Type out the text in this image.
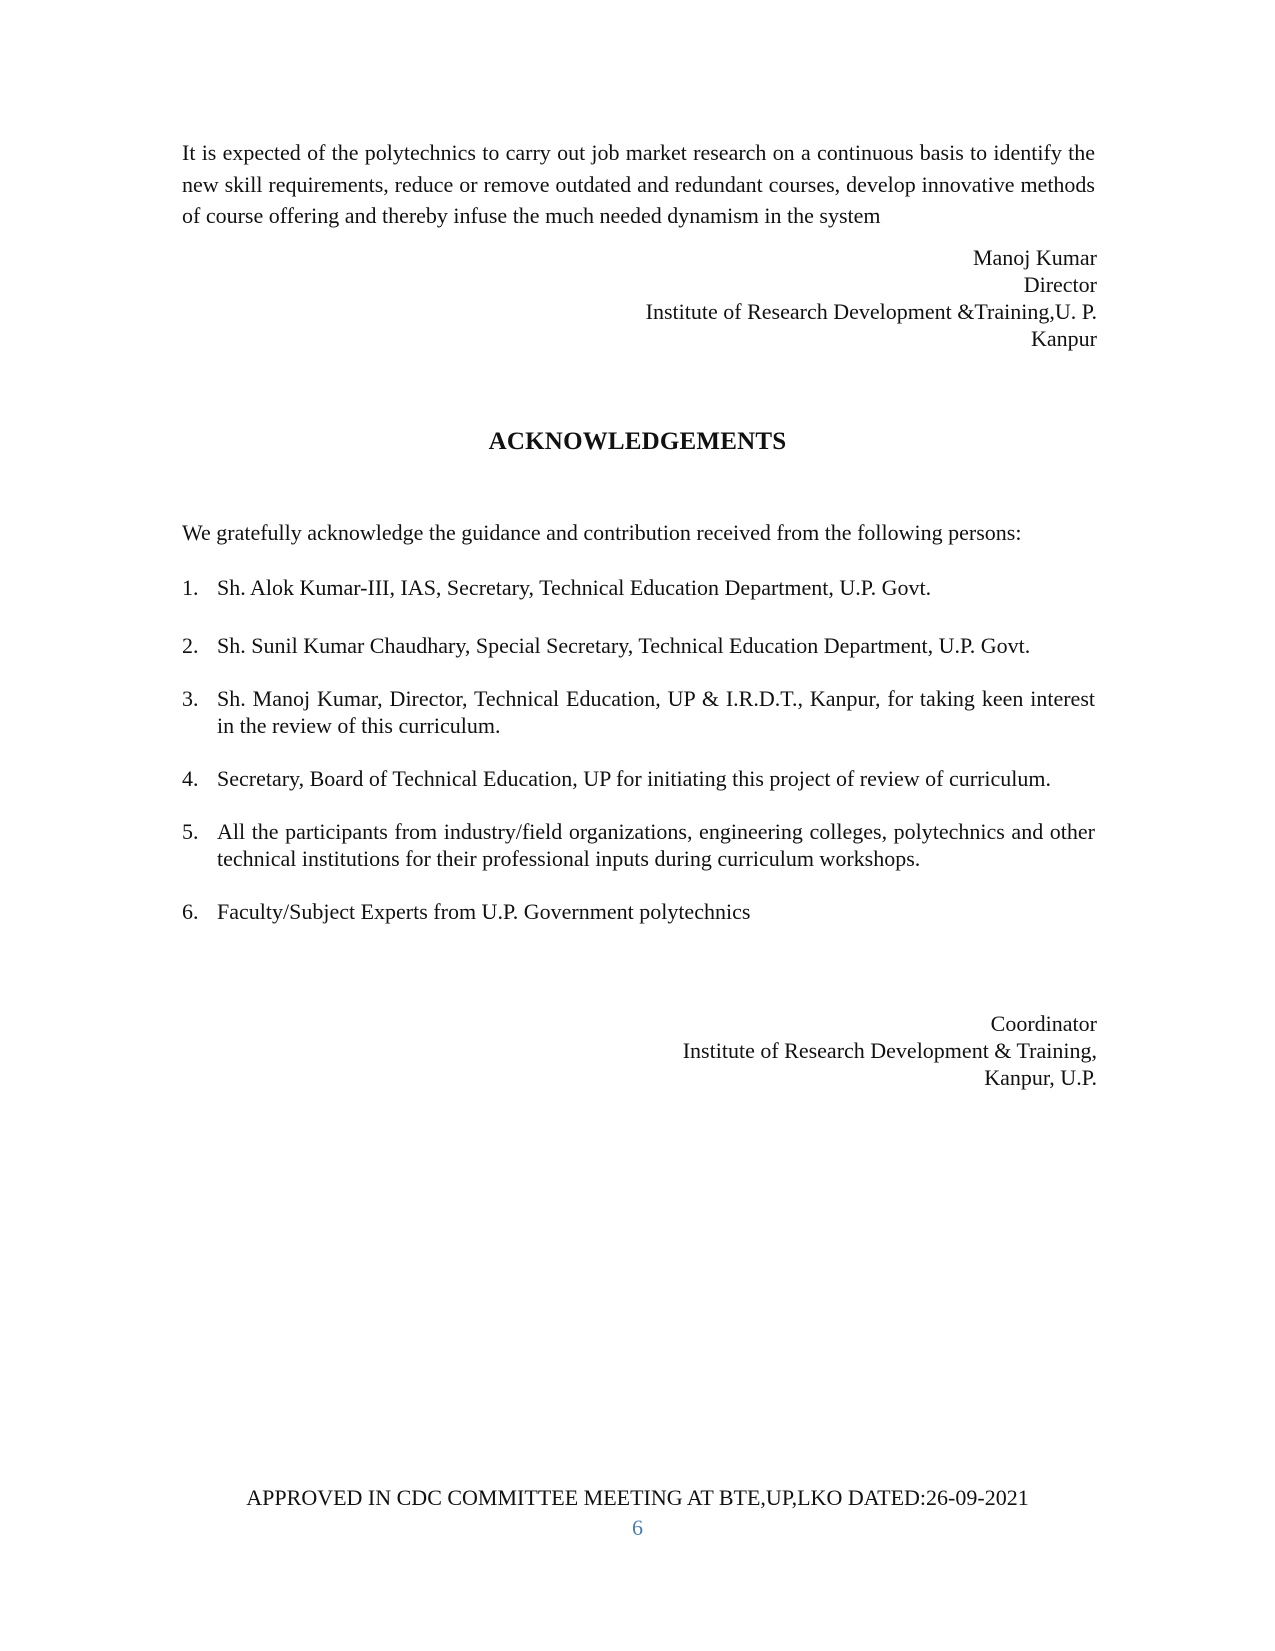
It is expected of the polytechnics to carry out job market research on a continuous basis to identify the new skill requirements, reduce or remove outdated and redundant courses, develop innovative methods of course offering and thereby infuse the much needed dynamism in the system

Manoj Kumar
Director
Institute of Research Development &Training,U. P.
Kanpur
ACKNOWLEDGEMENTS

We gratefully acknowledge the guidance and contribution received from the following persons:

1. Sh. Alok Kumar-III, IAS, Secretary, Technical Education Department, U.P. Govt.
2. Sh. Sunil Kumar Chaudhary, Special Secretary, Technical Education Department, U.P. Govt.
3. Sh. Manoj Kumar, Director, Technical Education, UP & I.R.D.T., Kanpur, for taking keen interest in the review of this curriculum.
4. Secretary, Board of Technical Education, UP for initiating this project of review of curriculum.
5. All the participants from industry/field organizations, engineering colleges, polytechnics and other technical institutions for their professional inputs during curriculum workshops.
6. Faculty/Subject Experts from U.P. Government polytechnics
Coordinator
Institute of Research Development & Training,
Kanpur, U.P.
APPROVED IN CDC COMMITTEE MEETING AT BTE,UP,LKO DATED:26-09-2021
6
